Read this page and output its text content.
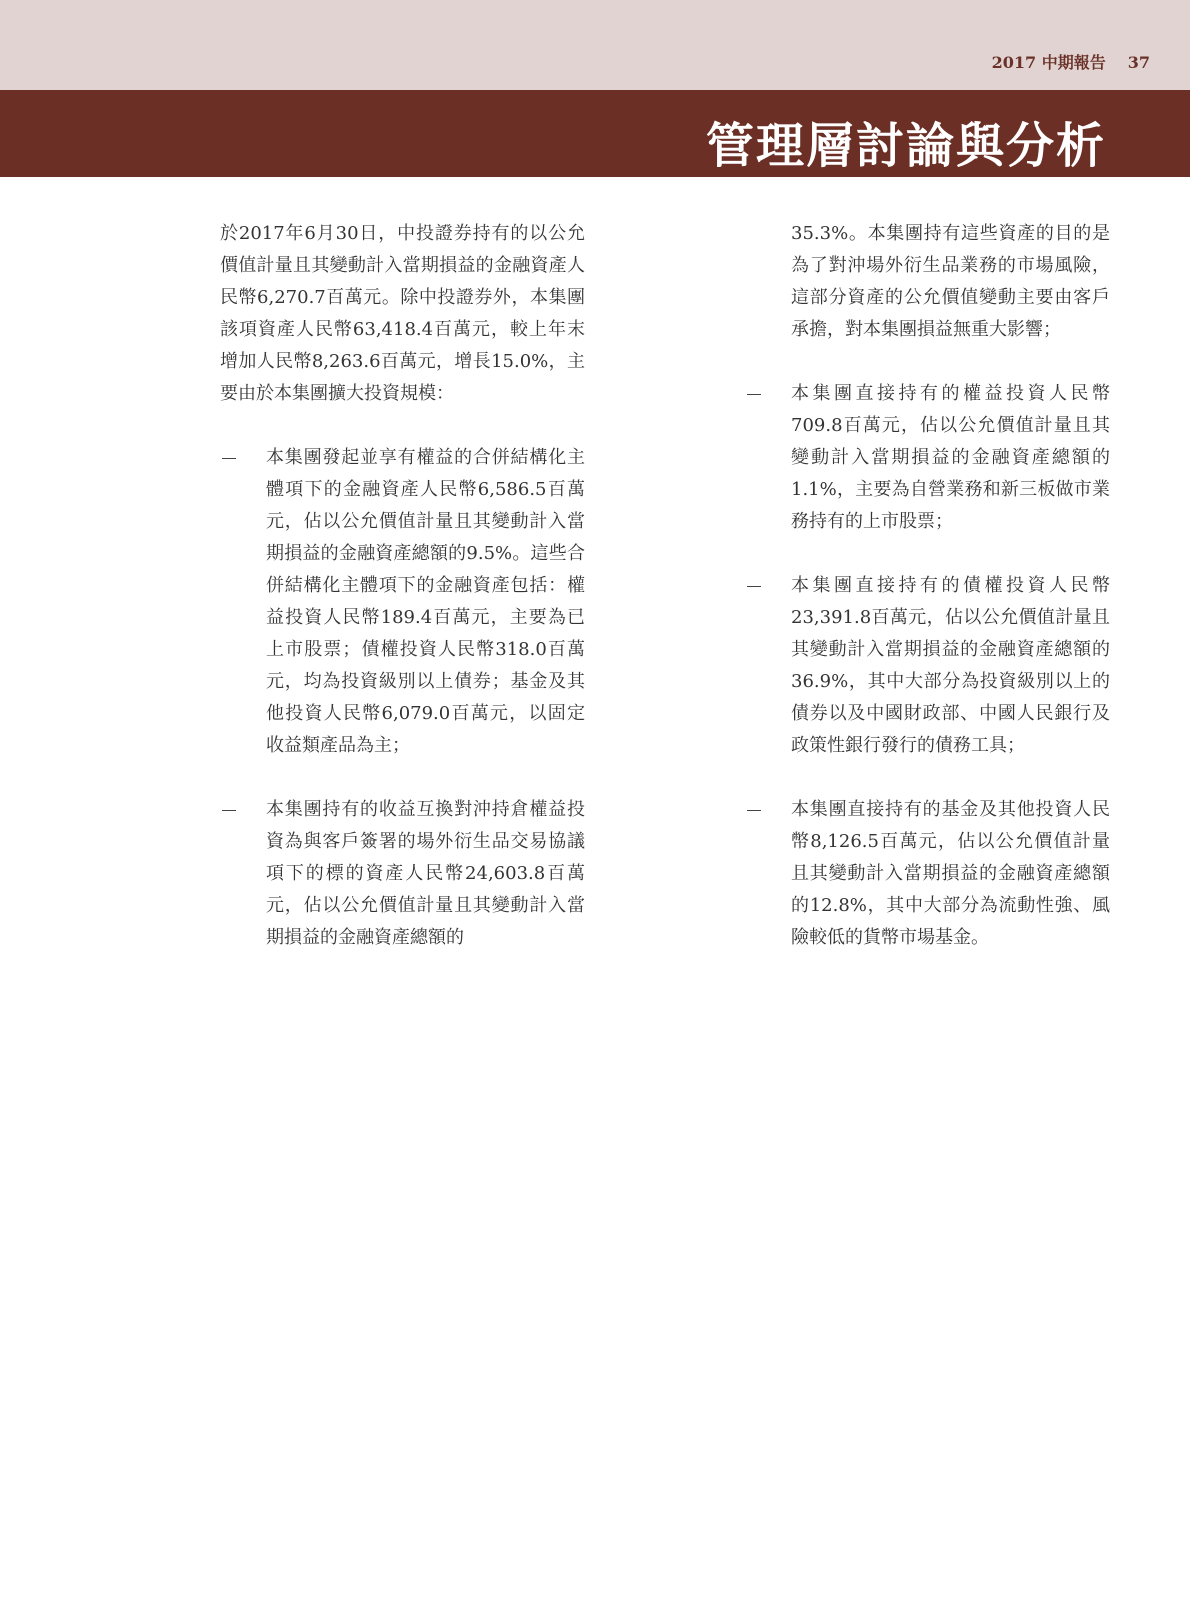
2017 中期報告 37
管理層討論與分析

於2017年6月30日，中投證券持有的以公允價值計量且其變動計入當期損益的金融資產人民幣6,270.7百萬元。除中投證券外，本集團該項資產人民幣63,418.4百萬元，較上年末增加人民幣8,263.6百萬元，增長15.0%，主要由於本集團擴大投資規模：

本集團發起並享有權益的合併結構化主體項下的金融資產人民幣6,586.5百萬元，佔以公允價值計量且其變動計入當期損益的金融資產總額的9.5%。這些合併結構化主體項下的金融資產包括：權益投資人民幣189.4百萬元，主要為已上市股票；債權投資人民幣318.0百萬元，均為投資級別以上債券；基金及其他投資人民幣6,079.0百萬元，以固定收益類產品為主；
本集團持有的收益互換對沖持倉權益投資為與客戶簽署的場外衍生品交易協議項下的標的資產人民幣24,603.8百萬元，佔以公允價值計量且其變動計入當期損益的金融資產總額的
35.3%。本集團持有這些資產的目的是為了對沖場外衍生品業務的市場風險，這部分資產的公允價值變動主要由客戶承擔，對本集團損益無重大影響；
本集團直接持有的權益投資人民幣709.8百萬元，佔以公允價值計量且其變動計入當期損益的金融資產總額的1.1%，主要為自營業務和新三板做市業務持有的上市股票；
本集團直接持有的債權投資人民幣23,391.8百萬元，佔以公允價值計量且其變動計入當期損益的金融資產總額的36.9%，其中大部分為投資級別以上的債券以及中國財政部、中國人民銀行及政策性銀行發行的債務工具；
本集團直接持有的基金及其他投資人民幣8,126.5百萬元，佔以公允價值計量且其變動計入當期損益的金融資產總額的12.8%，其中大部分為流動性強、風險較低的貨幣市場基金。
